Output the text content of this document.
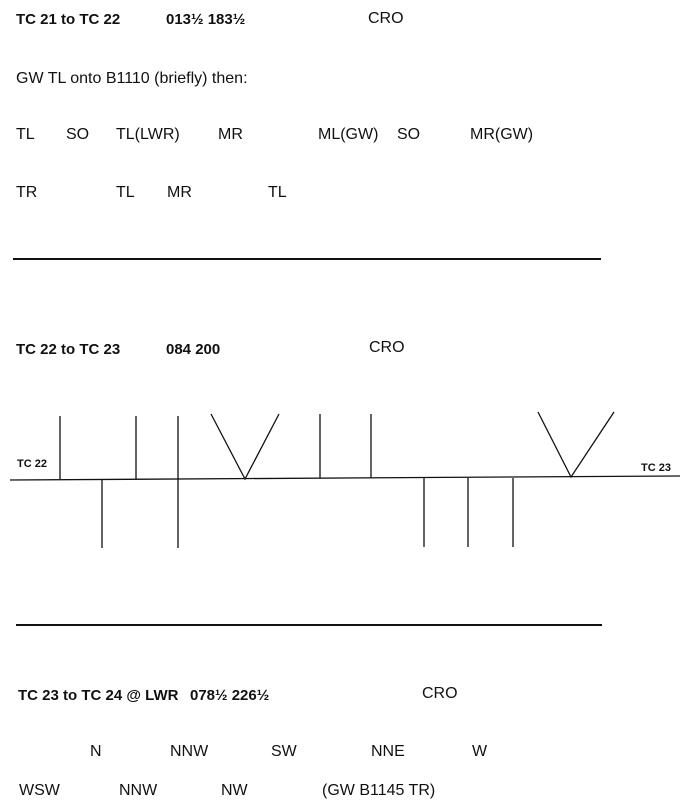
TC 21 to TC 22	013½ 183½	CRO
GW TL onto B1110 (briefly) then:
TL SO TL(LWR) MR	ML(GW) SO	MR(GW)
TR	TL MR	TL
TC 22 to TC 23	084 200	CRO
TC 22	TC 23
TC 23 to TC 24 @ LWR 078½ 226½	CRO
N	NNW	SW	NNE	W
WSW	NNW	NW	(GW B1145 TR)
